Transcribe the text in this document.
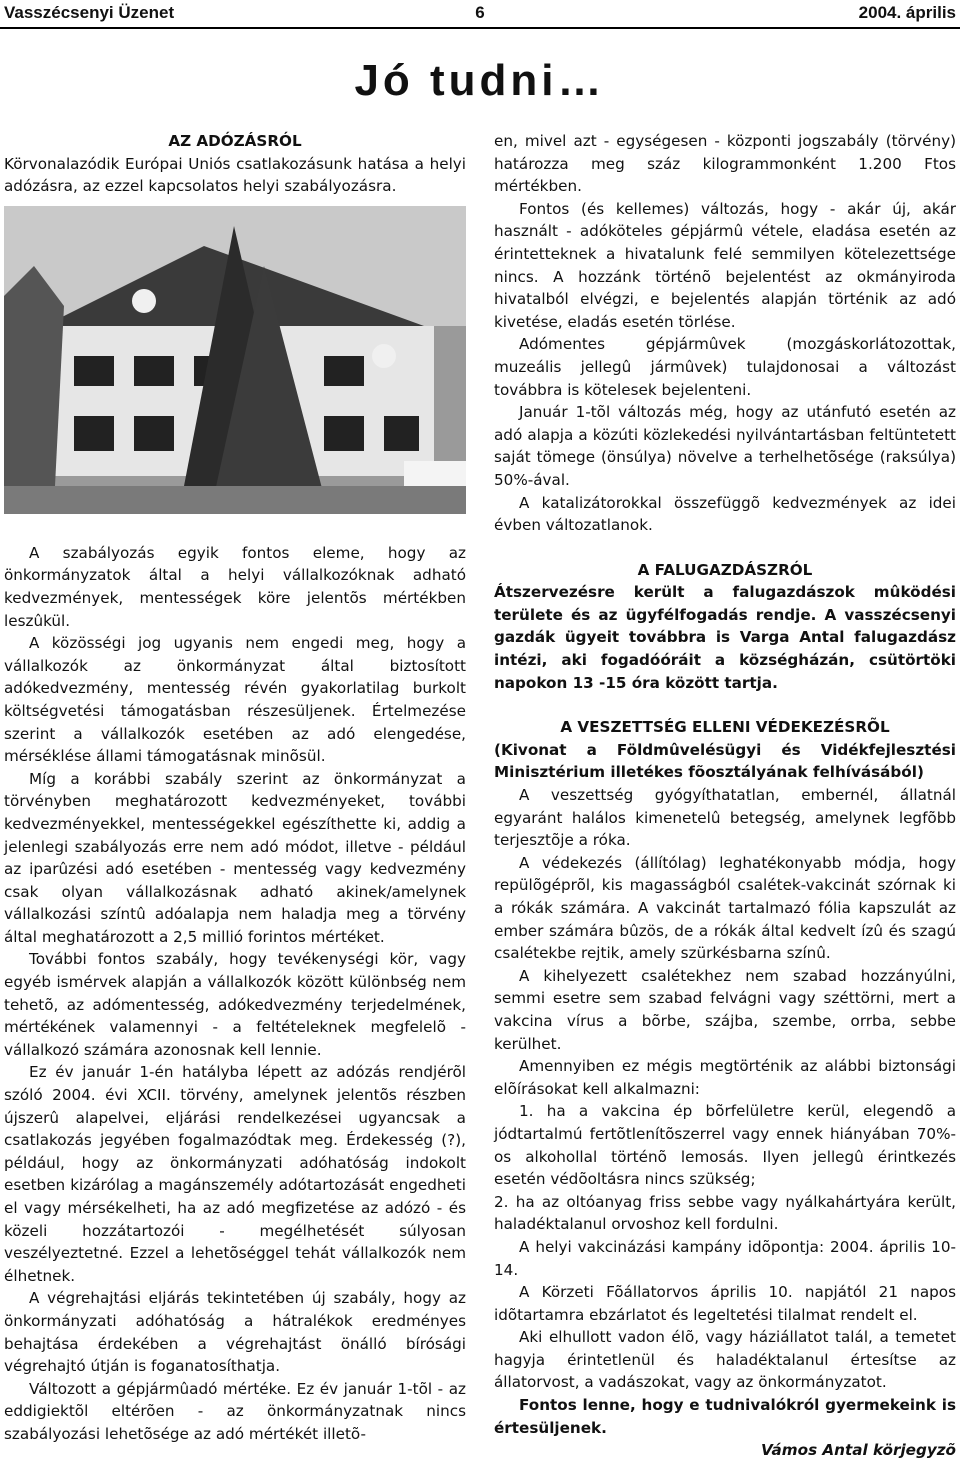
6
Vasszécsenyi Üzenet	2004. április
Jó tudni…

AZ ADÓZÁSRÓL

Körvonalazódik Európai Uniós csatlakozásunk hatása a helyi adózásra, az ezzel kapcsolatos helyi szabályozásra.

A szabályozás egyik fontos eleme, hogy az önkormányzatok által a helyi vállalkozóknak adható kedvezmények, mentességek köre jelentõs mértékben leszûkül.

A közösségi jog ugyanis nem engedi meg, hogy a vállalkozók az önkormányzat által biztosított adókedvezmény, mentesség révén gyakorlatilag burkolt költségvetési támogatásban részesüljenek. Értelmezése szerint a vállalkozók esetében az adó elengedése, mérséklése állami támogatásnak minõsül.

Míg a korábbi szabály szerint az önkormányzat a törvényben meghatározott kedvezményeket, további kedvezményekkel, mentességekkel egészíthette ki, addig a jelenlegi szabályozás erre nem adó módot, illetve - például az iparûzési adó esetében - mentesség vagy kedvezmény csak olyan vállalkozásnak adható akinek/amelynek vállalkozási színtû adóalapja nem haladja meg a törvény által meghatározott a 2,5 millió forintos mértéket.

További fontos szabály, hogy tevékenységi kör, vagy egyéb ismérvek alapján a vállalkozók között különbség nem tehetõ, az adómentesség, adókedvezmény terjedelmének, mértékének valamennyi - a feltételeknek megfelelõ - vállalkozó számára azonosnak kell lennie.

Ez év január 1-én hatályba lépett az adózás rendjérõl szóló 2004. évi XCII. törvény, amelynek jelentõs részben újszerû alapelvei, eljárási rendelkezései ugyancsak a csatlakozás jegyében fogalmazódtak meg. Érdekesség (?), például, hogy az önkormányzati adóhatóság indokolt esetben kizárólag a magánszemély adótartozását engedheti el vagy mérsékelheti, ha az adó megfizetése az adózó - és közeli hozzátartozói - megélhetését súlyosan veszélyeztetné. Ezzel a lehetõséggel tehát vállalkozók nem élhetnek.

A végrehajtási eljárás tekintetében új szabály, hogy az önkormányzati adóhatóság a hátralékok eredményes behajtása érdekében a végrehajtást önálló bírósági végrehajtó útján is foganatosíthatja.

Változott a gépjármûadó mértéke. Ez év január 1-tõl - az eddigiektõl eltérõen - az önkormányzatnak nincs szabályozási lehetõsége az adó mértékét illetõ-

en, mivel azt - egységesen - központi jogszabály (törvény) határozza meg száz kilogrammonként 1.200 Ftos mértékben.

Fontos (és kellemes) változás, hogy - akár új, akár használt - adóköteles gépjármû vétele, eladása esetén az érintetteknek a hivatalunk felé semmilyen kötelezettsége nincs. A hozzánk történõ bejelentést az okmányiroda hivatalból elvégzi, e bejelentés alapján történik az adó kivetése, eladás esetén törlése.

Adómentes gépjármûvek (mozgáskorlátozottak, muzeális jellegû jármûvek) tulajdonosai a változást továbbra is kötelesek bejelenteni.

Január 1-tõl változás még, hogy az utánfutó esetén az adó alapja a közúti közlekedési nyilvántartásban feltüntetett saját tömege (önsúlya) növelve a terhelhetõsége (raksúlya) 50%-ával.

A katalizátorokkal összefüggõ kedvezmények az idei évben változatlanok.

A FALUGAZDÁSZRÓL

Átszervezésre került a falugazdászok mûködési területe és az ügyfélfogadás rendje. A vasszécsenyi gazdák ügyeit továbbra is Varga Antal falugazdász intézi, aki fogadóóráit a községházán, csütörtöki napokon 13 -15 óra között tartja.

A VESZETTSÉG ELLENI VÉDEKEZÉSRÕL

(Kivonat a Földmûvelésügyi és Vidékfejlesztési Minisztérium illetékes fõosztályának felhívásából)

A veszettség gyógyíthatatlan, embernél, állatnál egyaránt halálos kimenetelû betegség, amelynek legfõbb terjesztõje a róka.

A védekezés (állítólag) leghatékonyabb módja, hogy repülõgéprõl, kis magasságból csalétek-vakcinát szórnak ki a rókák számára. A vakcinát tartalmazó fólia kapszulát az ember számára bûzös, de a rókák által kedvelt ízû és szagú csalétekbe rejtik, amely szürkésbarna színû.

A kihelyezett csalétekhez nem szabad hozzányúlni, semmi esetre sem szabad felvágni vagy széttörni, mert a vakcina vírus a bõrbe, szájba, szembe, orrba, sebbe kerülhet.

Amennyiben ez mégis megtörténik az alábbi biztonsági elõírásokat kell alkalmazni:

1. ha a vakcina ép bõrfelületre kerül, elegendõ a jódtartalmú fertõtlenítõszerrel vagy ennek hiányában 70%-os alkohollal történõ lemosás. Ilyen jellegû érintkezés esetén védõoltásra nincs szükség;

2. ha az oltóanyag friss sebbe vagy nyálkahártyára került, haladéktalanul orvoshoz kell fordulni.

A helyi vakcinázási kampány idõpontja: 2004. április 10-14.

A Körzeti Fõállatorvos április 10. napjától 21 napos idõtartamra ebzárlatot és legeltetési tilalmat rendelt el.

Aki elhullott vadon élõ, vagy háziállatot talál, a temetet hagyja érintetlenül és haladéktalanul értesítse az állatorvost, a vadászokat, vagy az önkormányzatot.

Fontos lenne, hogy e tudnivalókról gyermekeink is értesüljenek.

Vámos Antal körjegyzõ
